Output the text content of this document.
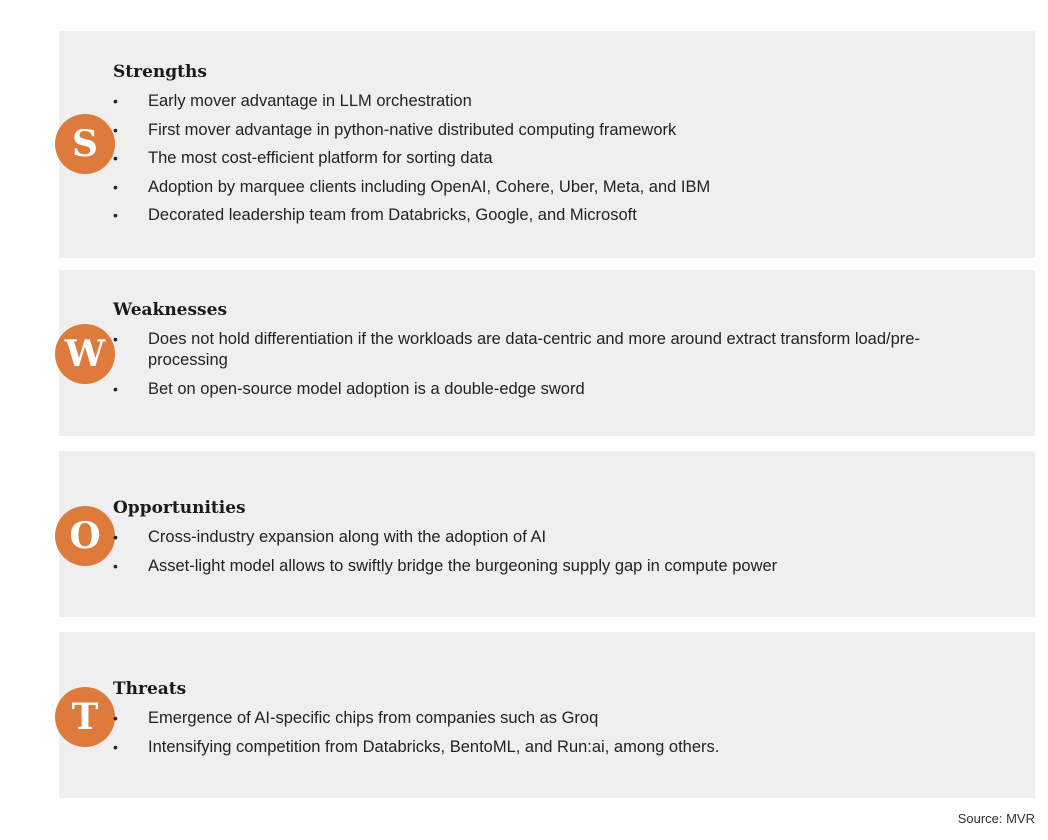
S
Strengths
• Early mover advantage in LLM orchestration
• First mover advantage in python-native distributed computing framework
• The most cost-efficient platform for sorting data
• Adoption by marquee clients including OpenAI, Cohere, Uber, Meta, and IBM
• Decorated leadership team from Databricks, Google, and Microsoft
W
Weaknesses
• Does not hold differentiation if the workloads are data-centric and more around extract transform load/pre-processing
• Bet on open-source model adoption is a double-edge sword
O
Opportunities
• Cross-industry expansion along with the adoption of AI
• Asset-light model allows to swiftly bridge the burgeoning supply gap in compute power
T
Threats
• Emergence of AI-specific chips from companies such as Groq
• Intensifying competition from Databricks, BentoML, and Run:ai, among others.
Source: MVR
